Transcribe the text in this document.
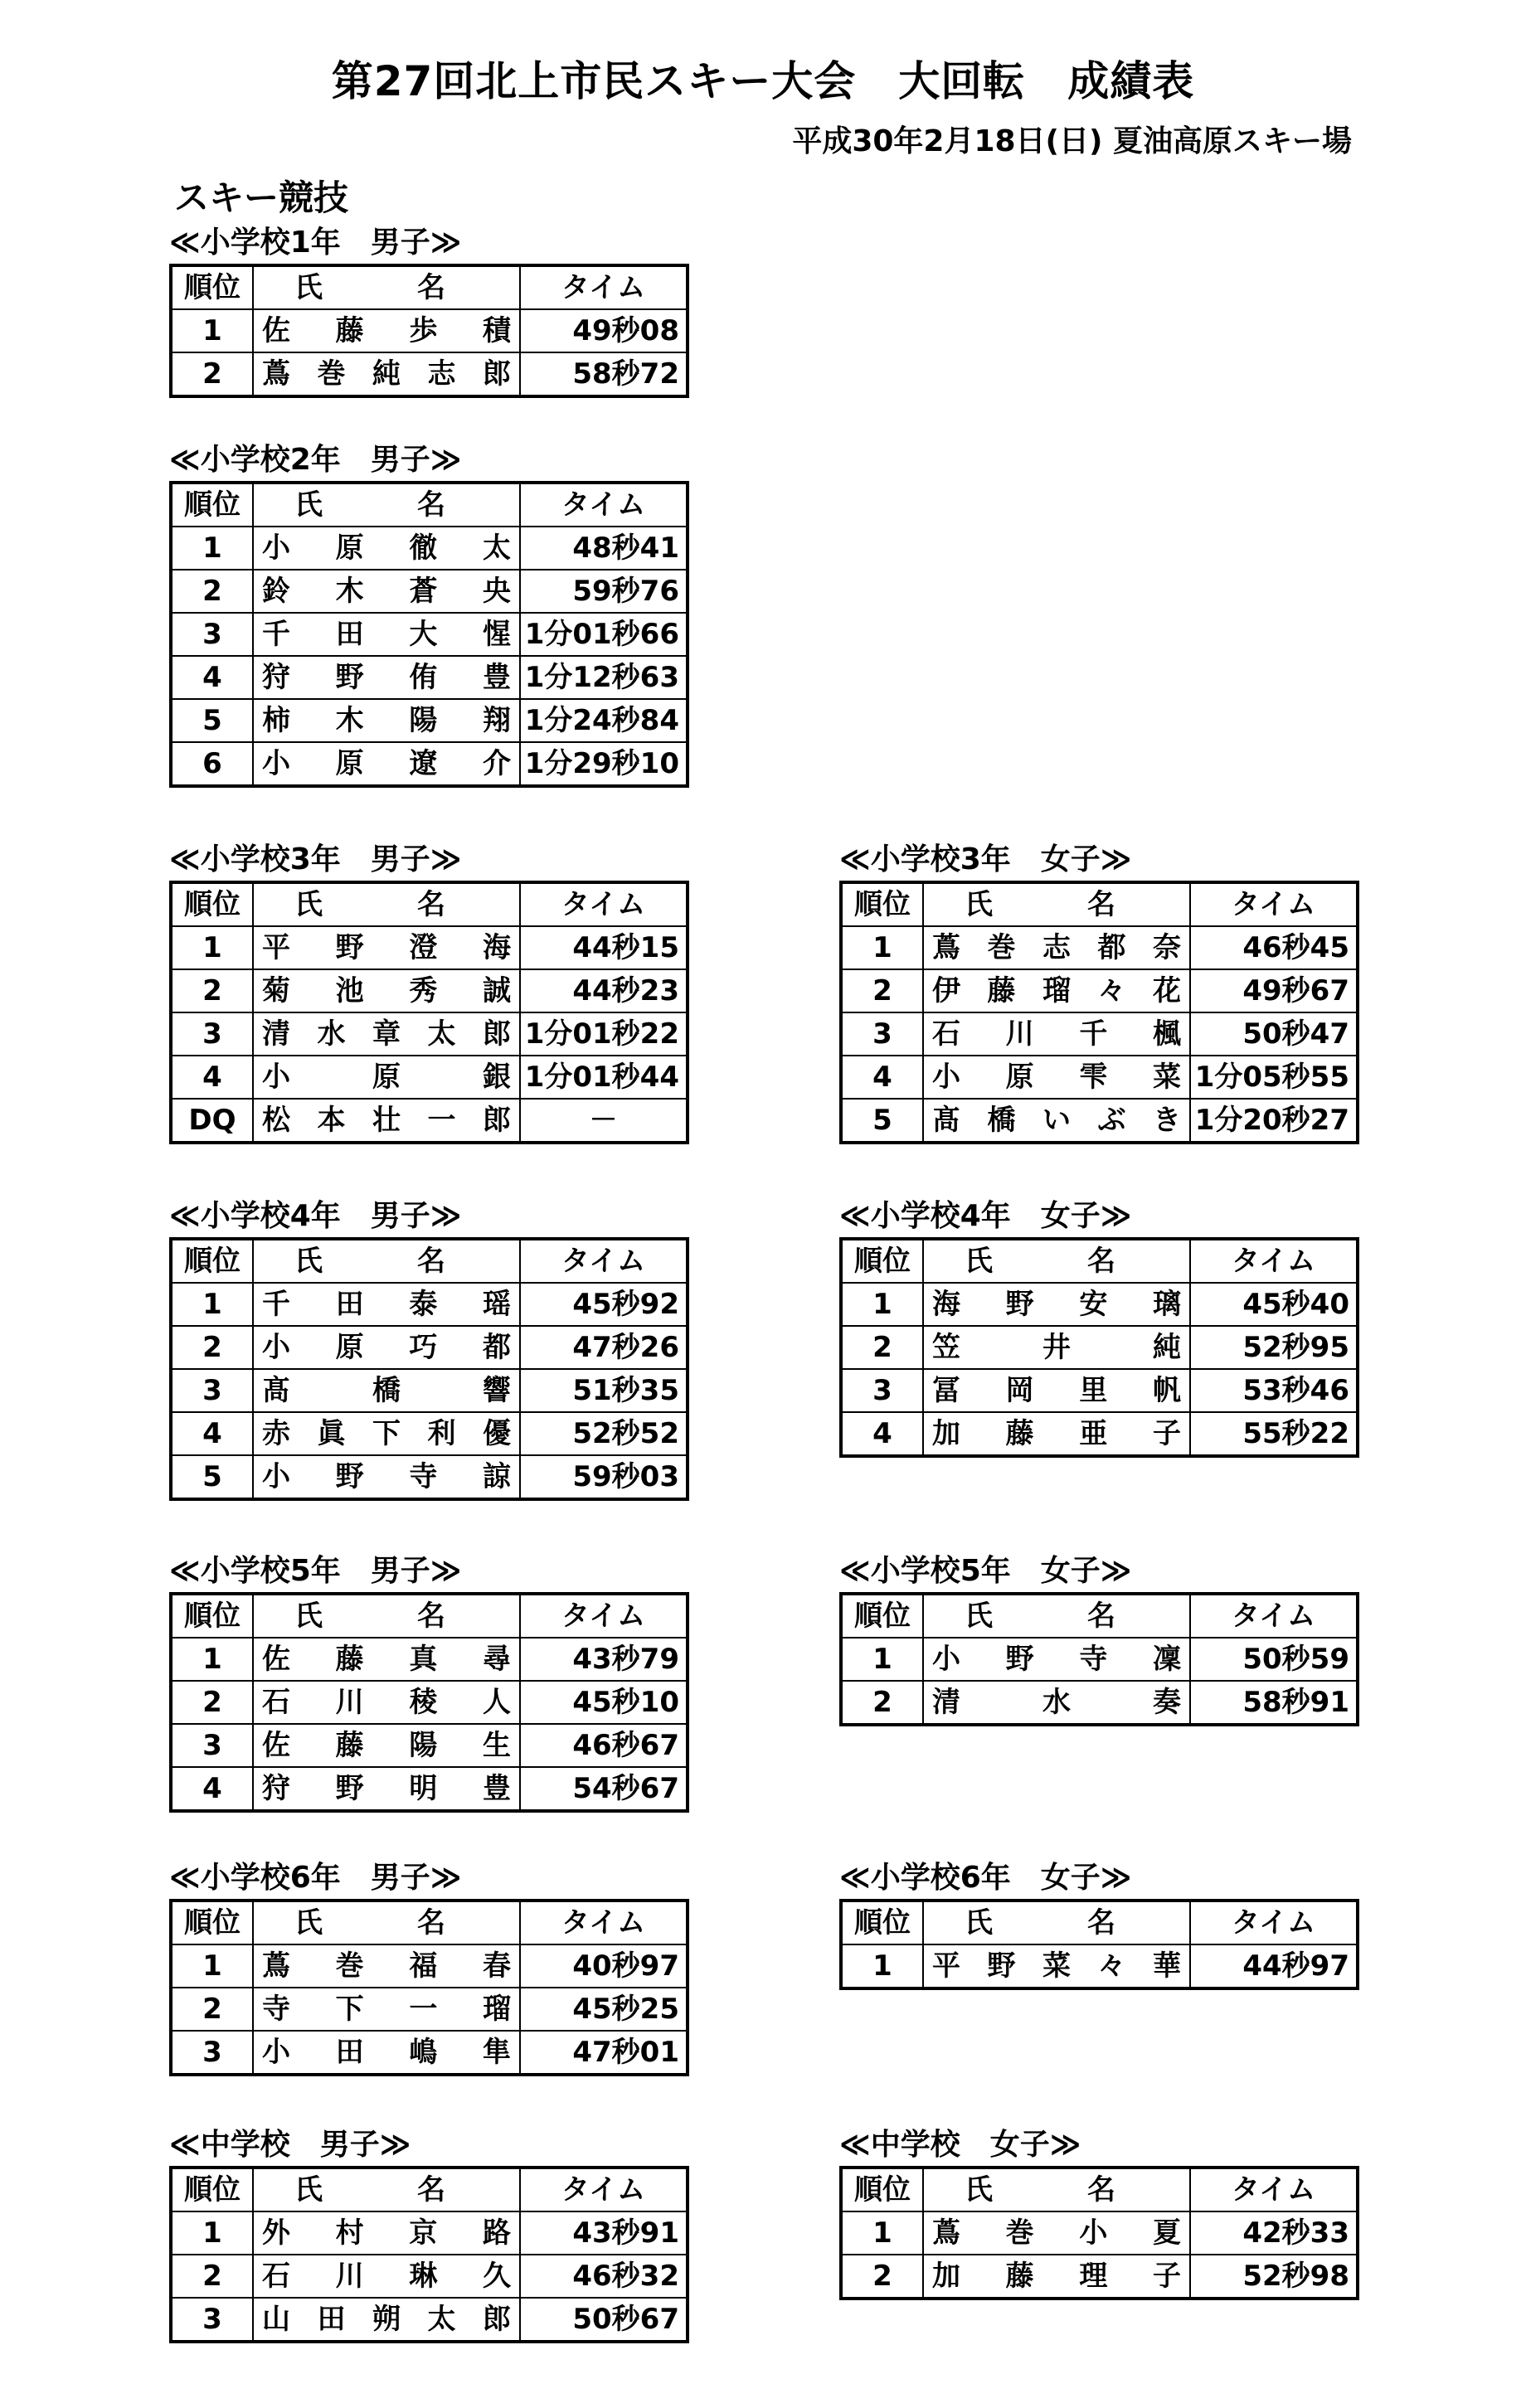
第27回北上市民スキー大会　大回転　成績表
平成30年2月18日(日) 夏油高原スキー場
スキー競技
≪小学校1年　男子≫
順位	氏　名	タイム
1	佐藤歩積	49秒08
2	蔦巻純志郎	58秒72
≪小学校2年　男子≫
順位	氏　名	タイム
1	小原徹太	48秒41
2	鈴木蒼央	59秒76
3	千田大惺	1分01秒66
4	狩野侑豊	1分12秒63
5	柿木陽翔	1分24秒84
6	小原遼介	1分29秒10
≪小学校3年　男子≫
順位	氏　名	タイム
1	平野澄海	44秒15
2	菊池秀誠	44秒23
3	清水章太郎	1分01秒22
4	小原銀	1分01秒44
DQ	松本壮一郎	－
≪小学校3年　女子≫
順位	氏　名	タイム
1	蔦巻志都奈	46秒45
2	伊藤瑠々花	49秒67
3	石川千楓	50秒47
4	小原雫菜	1分05秒55
5	髙橋いぶき	1分20秒27
≪小学校4年　男子≫
順位	氏　名	タイム
1	千田泰瑶	45秒92
2	小原巧都	47秒26
3	髙橋響	51秒35
4	赤眞下利優	52秒52
5	小野寺諒	59秒03
≪小学校4年　女子≫
順位	氏　名	タイム
1	海野安璃	45秒40
2	笠井純	52秒95
3	冨岡里帆	53秒46
4	加藤亜子	55秒22
≪小学校5年　男子≫
順位	氏　名	タイム
1	佐藤真尋	43秒79
2	石川稜人	45秒10
3	佐藤陽生	46秒67
4	狩野明豊	54秒67
≪小学校5年　女子≫
順位	氏　名	タイム
1	小野寺凜	50秒59
2	清水奏	58秒91
≪小学校6年　男子≫
順位	氏　名	タイム
1	蔦巻福春	40秒97
2	寺下一瑠	45秒25
3	小田嶋隼	47秒01
≪小学校6年　女子≫
順位	氏　名	タイム
1	平野菜々華	44秒97
≪中学校　男子≫
順位	氏　名	タイム
1	外村京路	43秒91
2	石川琳久	46秒32
3	山田朔太郎	50秒67
≪中学校　女子≫
順位	氏　名	タイム
1	蔦巻小夏	42秒33
2	加藤理子	52秒98
